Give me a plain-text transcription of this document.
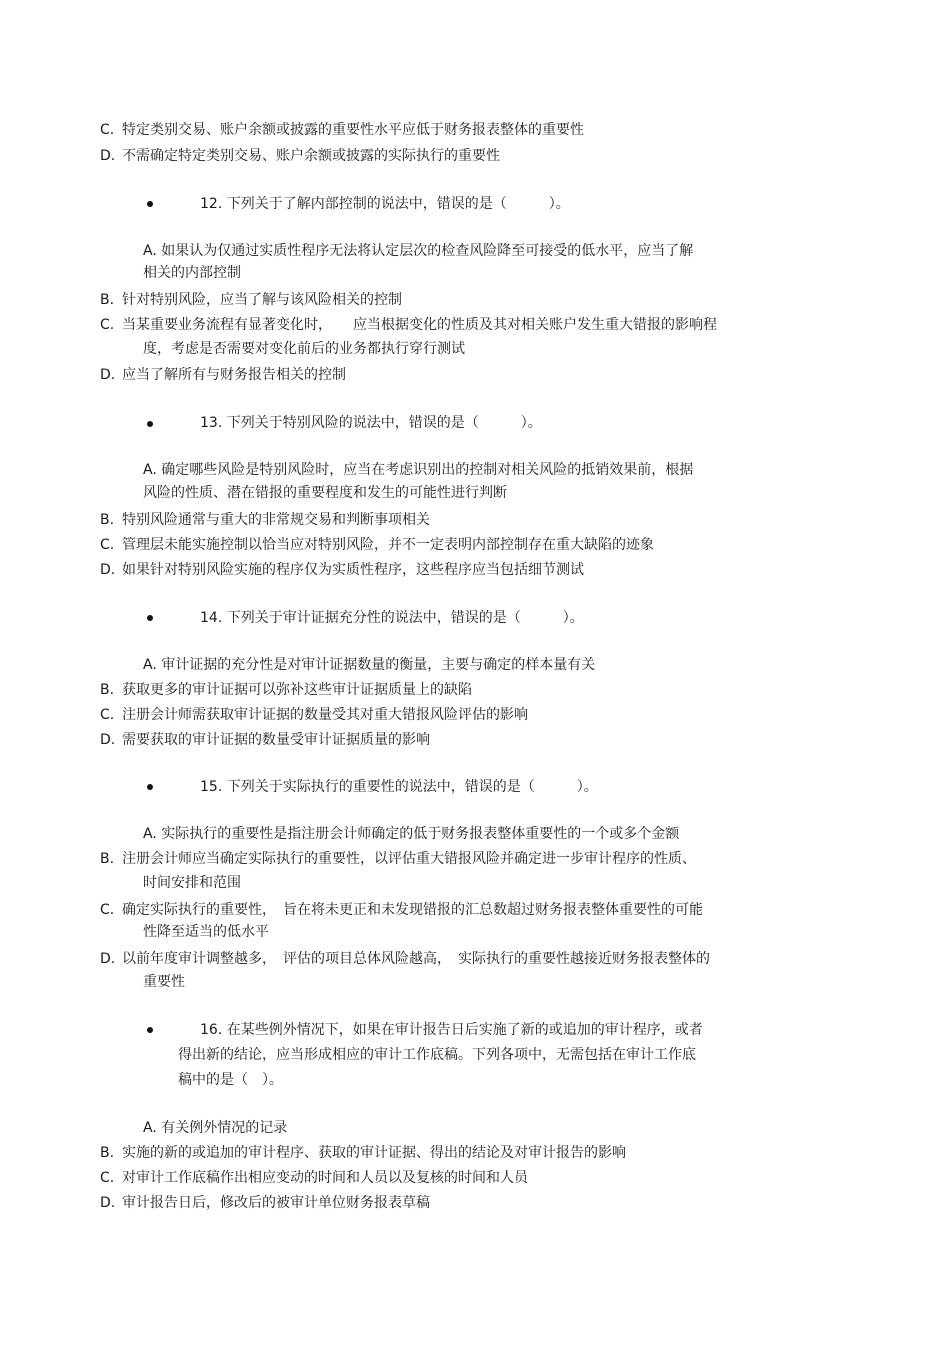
C. 特定类别交易、账户余额或披露的重要性水平应低于财务报表整体的重要性
D. 不需确定特定类别交易、账户余额或披露的实际执行的重要性
12. 下列关于了解内部控制的说法中，错误的是（　　　）。
A. 如果认为仅通过实质性程序无法将认定层次的检查风险降至可接受的低水平，应当了解
相关的内部控制
B. 针对特别风险，应当了解与该风险相关的控制
C. 当某重要业务流程有显著变化时，　　应当根据变化的性质及其对相关账户发生重大错报的影响程
度，考虑是否需要对变化前后的业务都执行穿行测试
D. 应当了解所有与财务报告相关的控制
13. 下列关于特别风险的说法中，错误的是（　　　）。
A. 确定哪些风险是特别风险时，应当在考虑识别出的控制对相关风险的抵销效果前，根据
风险的性质、潜在错报的重要程度和发生的可能性进行判断
B. 特别风险通常与重大的非常规交易和判断事项相关
C. 管理层未能实施控制以恰当应对特别风险，并不一定表明内部控制存在重大缺陷的迹象
D. 如果针对特别风险实施的程序仅为实质性程序，这些程序应当包括细节测试
14. 下列关于审计证据充分性的说法中，错误的是（　　　）。
A. 审计证据的充分性是对审计证据数量的衡量，主要与确定的样本量有关
B. 获取更多的审计证据可以弥补这些审计证据质量上的缺陷
C. 注册会计师需获取审计证据的数量受其对重大错报风险评估的影响
D. 需要获取的审计证据的数量受审计证据质量的影响
15. 下列关于实际执行的重要性的说法中，错误的是（　　　）。
A. 实际执行的重要性是指注册会计师确定的低于财务报表整体重要性的一个或多个金额
B. 注册会计师应当确定实际执行的重要性，以评估重大错报风险并确定进一步审计程序的性质、
时间安排和范围
C. 确定实际执行的重要性，　旨在将未更正和未发现错报的汇总数超过财务报表整体重要性的可能
性降至适当的低水平
D. 以前年度审计调整越多，　评估的项目总体风险越高，　实际执行的重要性越接近财务报表整体的
重要性
16. 在某些例外情况下，如果在审计报告日后实施了新的或追加的审计程序，或者
得出新的结论，应当形成相应的审计工作底稿。下列各项中，无需包括在审计工作底
稿中的是（　）。
A. 有关例外情况的记录
B. 实施的新的或追加的审计程序、获取的审计证据、得出的结论及对审计报告的影响
C. 对审计工作底稿作出相应变动的时间和人员以及复核的时间和人员
D. 审计报告日后，修改后的被审计单位财务报表草稿
